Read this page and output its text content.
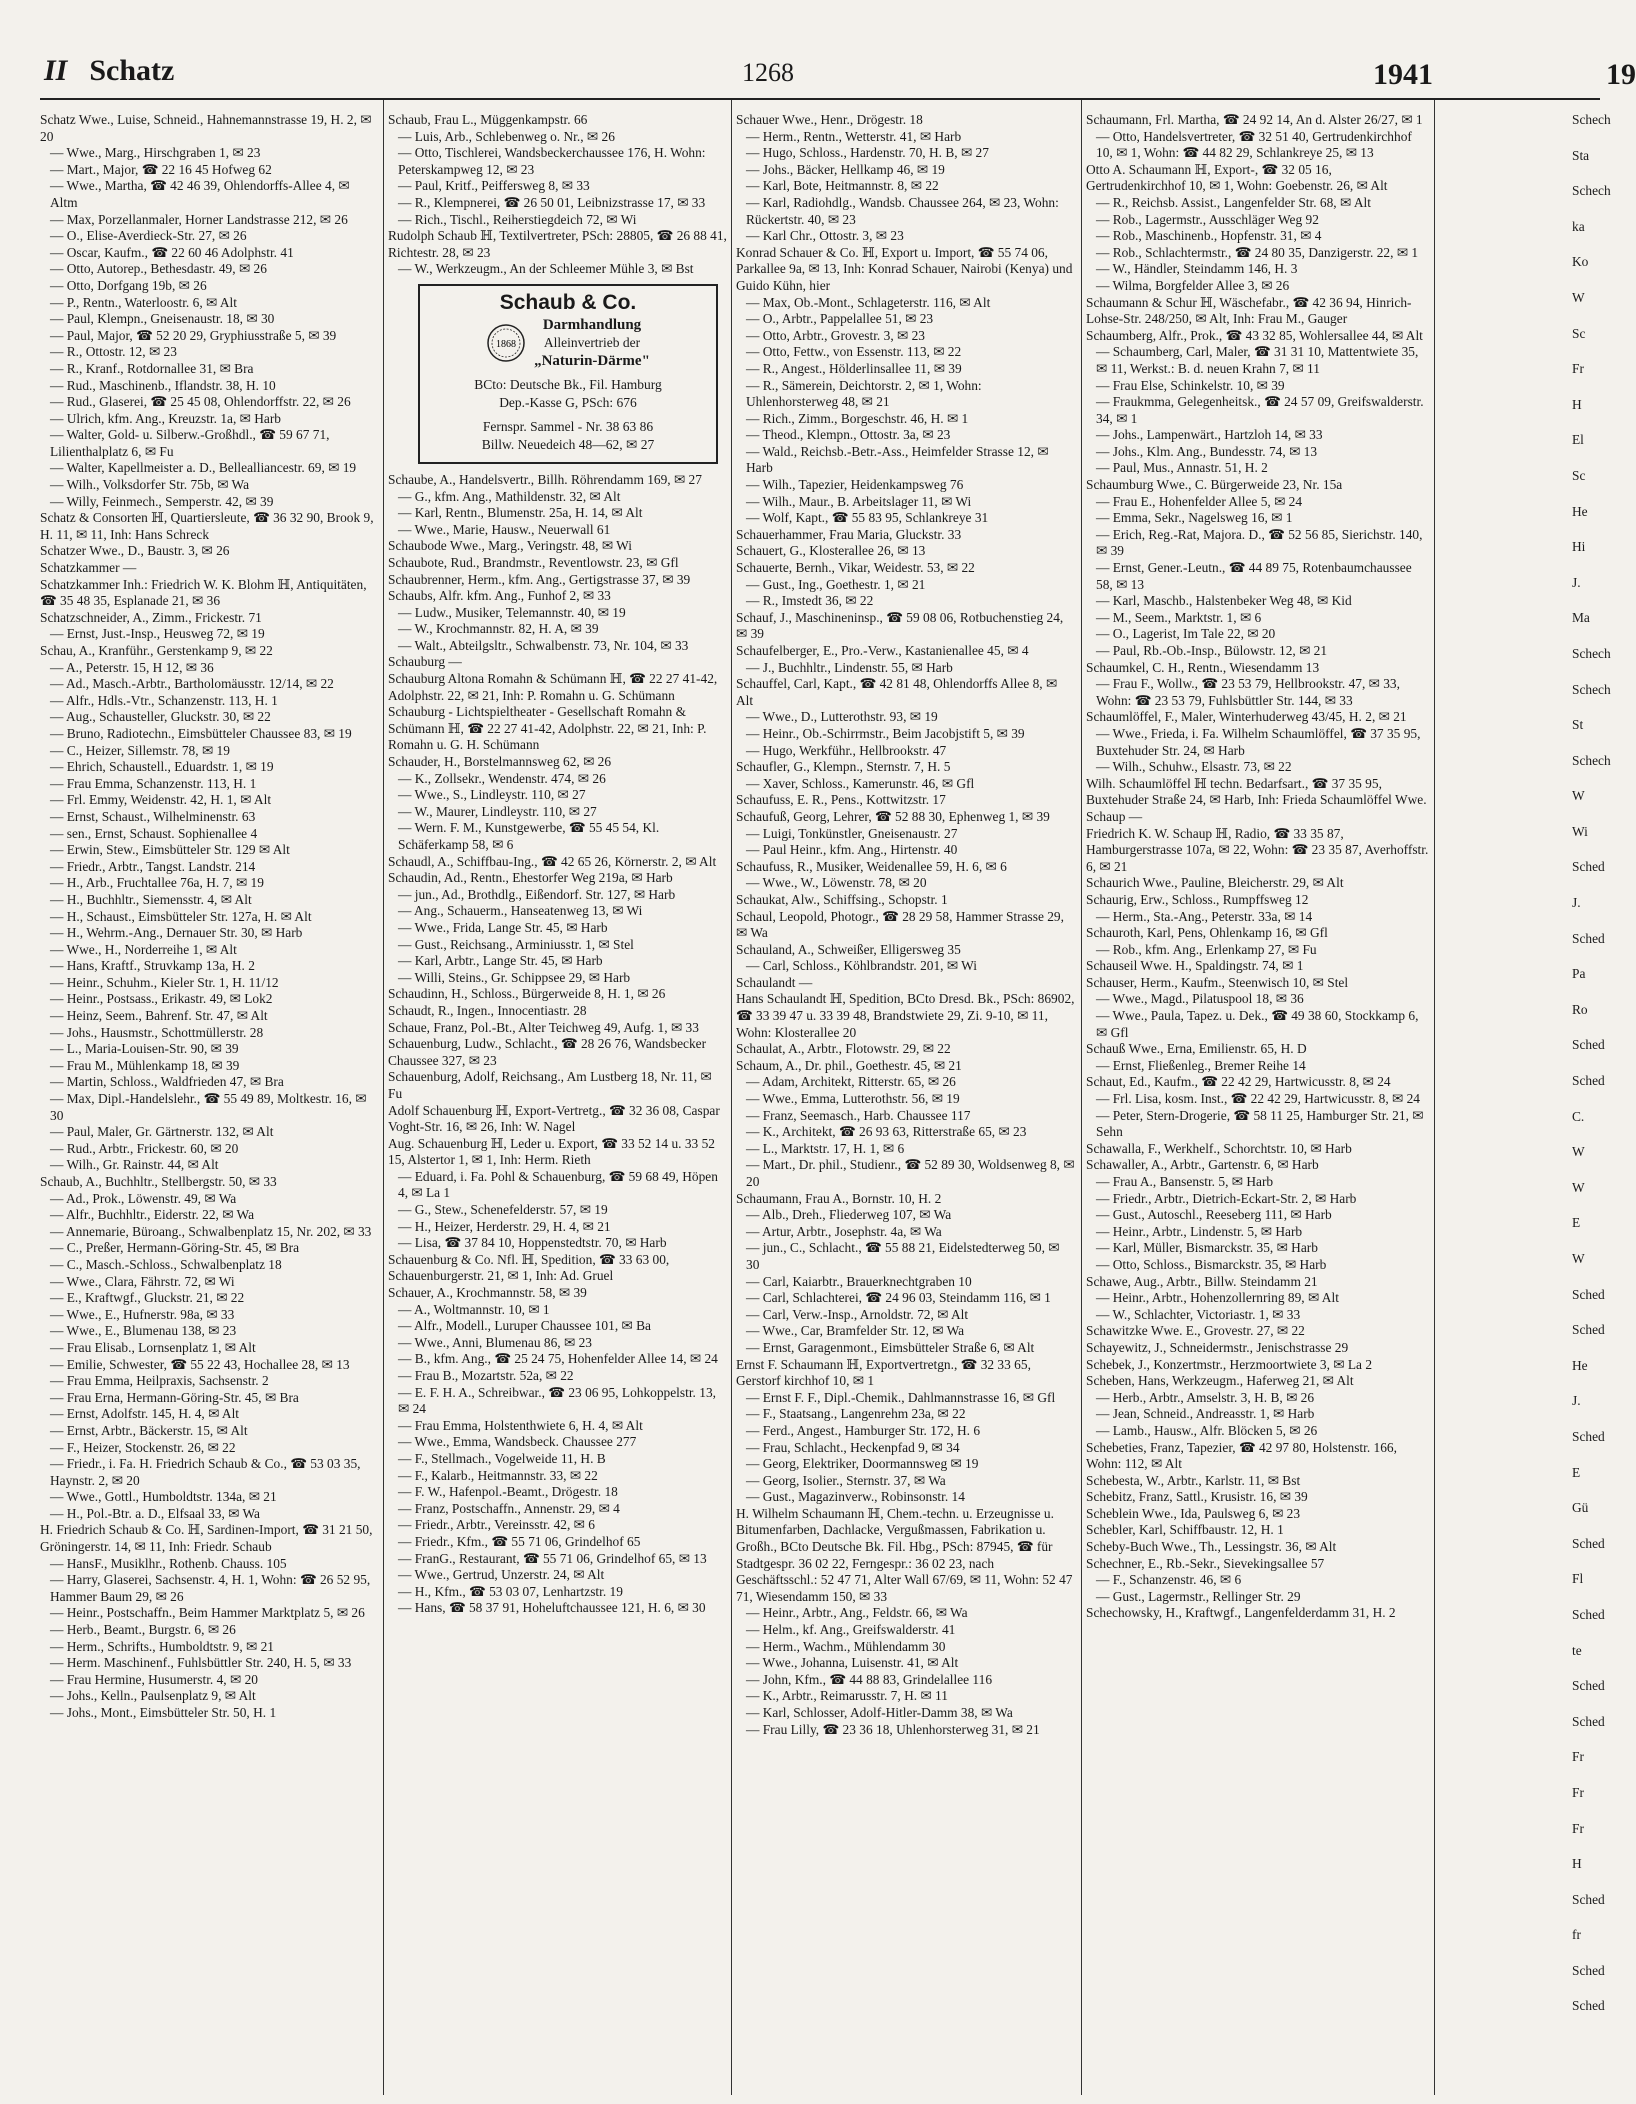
II Schatz	1268	1941	19

Schatz Wwe., Luise, Schneid., Hahnemannstrasse 19, H. 2, ✉ 20

— Wwe., Marg., Hirschgraben 1, ✉ 23

— Mart., Major, ☎ 22 16 45 Hofweg 62

— Wwe., Martha, ☎ 42 46 39, Ohlendorffs-Allee 4, ✉ Altm

— Max, Porzellanmaler, Horner Landstrasse 212, ✉ 26

— O., Elise-Averdieck-Str. 27, ✉ 26

— Oscar, Kaufm., ☎ 22 60 46 Adolphstr. 41

— Otto, Autorep., Bethesdastr. 49, ✉ 26

— Otto, Dorfgang 19b, ✉ 26

— P., Rentn., Waterloostr. 6, ✉ Alt

— Paul, Klempn., Gneisenaustr. 18, ✉ 30

— Paul, Major, ☎ 52 20 29, Gryphiusstraße 5, ✉ 39

— R., Ottostr. 12, ✉ 23

— R., Kranf., Rotdornallee 31, ✉ Bra

— Rud., Maschinenb., Iflandstr. 38, H. 10

— Rud., Glaserei, ☎ 25 45 08, Ohlendorffstr. 22, ✉ 26

— Ulrich, kfm. Ang., Kreuzstr. 1a, ✉ Harb

— Walter, Gold- u. Silberw.-Großhdl., ☎ 59 67 71, Lilienthalplatz 6, ✉ Fu

— Walter, Kapellmeister a. D., Bellealliancestr. 69, ✉ 19

— Wilh., Volksdorfer Str. 75b, ✉ Wa

— Willy, Feinmech., Semperstr. 42, ✉ 39

Schatz & Consorten ℍ, Quartiersleute, ☎ 36 32 90, Brook 9, H. 11, ✉ 11, Inh: Hans Schreck

Schatzer Wwe., D., Baustr. 3, ✉ 26

Schatzkammer —

Schatzkammer Inh.: Friedrich W. K. Blohm ℍ, Antiquitäten, ☎ 35 48 35, Esplanade 21, ✉ 36

Schatzschneider, A., Zimm., Frickestr. 71

— Ernst, Just.-Insp., Heusweg 72, ✉ 19

Schau, A., Kranführ., Gerstenkamp 9, ✉ 22

— A., Peterstr. 15, H 12, ✉ 36

— Ad., Masch.-Arbtr., Bartholomäusstr. 12/14, ✉ 22

— Alfr., Hdls.-Vtr., Schanzenstr. 113, H. 1

— Aug., Schausteller, Gluckstr. 30, ✉ 22

— Bruno, Radiotechn., Eimsbütteler Chaussee 83, ✉ 19

— C., Heizer, Sillemstr. 78, ✉ 19

— Ehrich, Schaustell., Eduardstr. 1, ✉ 19

— Frau Emma, Schanzenstr. 113, H. 1

— Frl. Emmy, Weidenstr. 42, H. 1, ✉ Alt

— Ernst, Schaust., Wilhelminenstr. 63

— sen., Ernst, Schaust. Sophienallee 4

— Erwin, Stew., Eimsbütteler Str. 129 ✉ Alt

— Friedr., Arbtr., Tangst. Landstr. 214

— H., Arb., Fruchtallee 76a, H. 7, ✉ 19

— H., Buchhltr., Siemensstr. 4, ✉ Alt

— H., Schaust., Eimsbütteler Str. 127a, H. ✉ Alt

— H., Wehrm.-Ang., Dernauer Str. 30, ✉ Harb

— Wwe., H., Norderreihe 1, ✉ Alt

— Hans, Kraftf., Struvkamp 13a, H. 2

— Heinr., Schuhm., Kieler Str. 1, H. 11/12

— Heinr., Postsass., Erikastr. 49, ✉ Lok2

— Heinz, Seem., Bahrenf. Str. 47, ✉ Alt

— Johs., Hausmstr., Schottmüllerstr. 28

— L., Maria-Louisen-Str. 90, ✉ 39

— Frau M., Mühlenkamp 18, ✉ 39

— Martin, Schloss., Waldfrieden 47, ✉ Bra

— Max, Dipl.-Handelslehr., ☎ 55 49 89, Moltkestr. 16, ✉ 30

— Paul, Maler, Gr. Gärtnerstr. 132, ✉ Alt

— Rud., Arbtr., Frickestr. 60, ✉ 20

— Wilh., Gr. Rainstr. 44, ✉ Alt

Schaub, A., Buchhltr., Stellbergstr. 50, ✉ 33

— Ad., Prok., Löwenstr. 49, ✉ Wa

— Alfr., Buchhltr., Eiderstr. 22, ✉ Wa

— Annemarie, Büroang., Schwalbenplatz 15, Nr. 202, ✉ 33

— C., Preßer, Hermann-Göring-Str. 45, ✉ Bra

— C., Masch.-Schloss., Schwalbenplatz 18

— Wwe., Clara, Fährstr. 72, ✉ Wi

— E., Kraftwgf., Gluckstr. 21, ✉ 22

— Wwe., E., Hufnerstr. 98a, ✉ 33

— Wwe., E., Blumenau 138, ✉ 23

— Frau Elisab., Lornsenplatz 1, ✉ Alt

— Emilie, Schwester, ☎ 55 22 43, Hochallee 28, ✉ 13

— Frau Emma, Heilpraxis, Sachsenstr. 2

— Frau Erna, Hermann-Göring-Str. 45, ✉ Bra

— Ernst, Adolfstr. 145, H. 4, ✉ Alt

— Ernst, Arbtr., Bäckerstr. 15, ✉ Alt

— F., Heizer, Stockenstr. 26, ✉ 22

— Friedr., i. Fa. H. Friedrich Schaub & Co., ☎ 53 03 35, Haynstr. 2, ✉ 20

— Wwe., Gottl., Humboldtstr. 134a, ✉ 21

— H., Pol.-Btr. a. D., Elfsaal 33, ✉ Wa

H. Friedrich Schaub & Co. ℍ, Sardinen-Import, ☎ 31 21 50, Gröningerstr. 14, ✉ 11, Inh: Friedr. Schaub

— HansF., Musiklhr., Rothenb. Chauss. 105

— Harry, Glaserei, Sachsenstr. 4, H. 1, Wohn: ☎ 26 52 95, Hammer Baum 29, ✉ 26

— Heinr., Postschaffn., Beim Hammer Marktplatz 5, ✉ 26

— Herb., Beamt., Burgstr. 6, ✉ 26

— Herm., Schrifts., Humboldtstr. 9, ✉ 21

— Herm. Maschinenf., Fuhlsbüttler Str. 240, H. 5, ✉ 33

— Frau Hermine, Husumerstr. 4, ✉ 20

— Johs., Kelln., Paulsenplatz 9, ✉ Alt

— Johs., Mont., Eimsbütteler Str. 50, H. 1

Schaub, Frau L., Müggenkampstr. 66

— Luis, Arb., Schlebenweg o. Nr., ✉ 26

— Otto, Tischlerei, Wandsbeckerchaussee 176, H. Wohn: Peterskampweg 12, ✉ 23

— Paul, Kritf., Peiffersweg 8, ✉ 33

— R., Klempnerei, ☎ 26 50 01, Leibnizstrasse 17, ✉ 33

— Rich., Tischl., Reiherstiegdeich 72, ✉ Wi

Rudolph Schaub ℍ, Textilvertreter, PSch: 28805, ☎ 26 88 41, Richtestr. 28, ✉ 23

— W., Werkzeugm., An der Schleemer Mühle 3, ✉ Bst

Schaub & Co.
1868
Darmhandlung
Alleinvertrieb der
„Naturin-Därme"
BCto: Deutsche Bk., Fil. Hamburg
Dep.-Kasse G, PSch: 676
Fernspr. Sammel - Nr. 38 63 86
Billw. Neuedeich 48—62, ✉ 27

Schaube, A., Handelsvertr., Billh. Röhrendamm 169, ✉ 27

— G., kfm. Ang., Mathildenstr. 32, ✉ Alt

— Karl, Rentn., Blumenstr. 25a, H. 14, ✉ Alt

— Wwe., Marie, Hausw., Neuerwall 61

Schaubode Wwe., Marg., Veringstr. 48, ✉ Wi

Schaubote, Rud., Brandmstr., Reventlowstr. 23, ✉ Gfl

Schaubrenner, Herm., kfm. Ang., Gertigstrasse 37, ✉ 39

Schaubs, Alfr. kfm. Ang., Funhof 2, ✉ 33

— Ludw., Musiker, Telemannstr. 40, ✉ 19

— W., Krochmannstr. 82, H. A, ✉ 39

— Walt., Abteilgsltr., Schwalbenstr. 73, Nr. 104, ✉ 33

Schauburg —

Schauburg Altona Romahn & Schümann ℍ, ☎ 22 27 41-42, Adolphstr. 22, ✉ 21, Inh: P. Romahn u. G. Schümann

Schauburg - Lichtspieltheater - Gesellschaft Romahn & Schümann ℍ, ☎ 22 27 41-42, Adolphstr. 22, ✉ 21, Inh: P. Romahn u. G. H. Schümann

Schauder, H., Borstelmannsweg 62, ✉ 26

— K., Zollsekr., Wendenstr. 474, ✉ 26

— Wwe., S., Lindleystr. 110, ✉ 27

— W., Maurer, Lindleystr. 110, ✉ 27

— Wern. F. M., Kunstgewerbe, ☎ 55 45 54, Kl. Schäferkamp 58, ✉ 6

Schaudl, A., Schiffbau-Ing., ☎ 42 65 26, Körnerstr. 2, ✉ Alt

Schaudin, Ad., Rentn., Ehestorfer Weg 219a, ✉ Harb

— jun., Ad., Brothdlg., Eißendorf. Str. 127, ✉ Harb

— Ang., Schauerm., Hanseatenweg 13, ✉ Wi

— Wwe., Frida, Lange Str. 45, ✉ Harb

— Gust., Reichsang., Arminiusstr. 1, ✉ Stel

— Karl, Arbtr., Lange Str. 45, ✉ Harb

— Willi, Steins., Gr. Schippsee 29, ✉ Harb

Schaudinn, H., Schloss., Bürgerweide 8, H. 1, ✉ 26

Schaudt, R., Ingen., Innocentiastr. 28

Schaue, Franz, Pol.-Bt., Alter Teichweg 49, Aufg. 1, ✉ 33

Schauenburg, Ludw., Schlacht., ☎ 28 26 76, Wandsbecker Chaussee 327, ✉ 23

Schauenburg, Adolf, Reichsang., Am Lustberg 18, Nr. 11, ✉ Fu

Adolf Schauenburg ℍ, Export-Vertretg., ☎ 32 36 08, Caspar Voght-Str. 16, ✉ 26, Inh: W. Nagel

Aug. Schauenburg ℍ, Leder u. Export, ☎ 33 52 14 u. 33 52 15, Alstertor 1, ✉ 1, Inh: Herm. Rieth

— Eduard, i. Fa. Pohl & Schauenburg, ☎ 59 68 49, Höpen 4, ✉ La 1

— G., Stew., Schenefelderstr. 57, ✉ 19

— H., Heizer, Herderstr. 29, H. 4, ✉ 21

— Lisa, ☎ 37 84 10, Hoppenstedtstr. 70, ✉ Harb

Schauenburg & Co. Nfl. ℍ, Spedition, ☎ 33 63 00, Schauenburgerstr. 21, ✉ 1, Inh: Ad. Gruel

Schauer, A., Krochmannstr. 58, ✉ 39

— A., Woltmannstr. 10, ✉ 1

— Alfr., Modell., Luruper Chaussee 101, ✉ Ba

— Wwe., Anni, Blumenau 86, ✉ 23

— B., kfm. Ang., ☎ 25 24 75, Hohenfelder Allee 14, ✉ 24

— Frau B., Mozartstr. 52a, ✉ 22

— E. F. H. A., Schreibwar., ☎ 23 06 95, Lohkoppelstr. 13, ✉ 24

— Frau Emma, Holstenthwiete 6, H. 4, ✉ Alt

— Wwe., Emma, Wandsbeck. Chaussee 277

— F., Stellmach., Vogelweide 11, H. B

— F., Kalarb., Heitmannstr. 33, ✉ 22

— F. W., Hafenpol.-Beamt., Drögestr. 18

— Franz, Postschaffn., Annenstr. 29, ✉ 4

— Friedr., Arbtr., Vereinsstr. 42, ✉ 6

— Friedr., Kfm., ☎ 55 71 06, Grindelhof 65

— FranG., Restaurant, ☎ 55 71 06, Grindelhof 65, ✉ 13

— Wwe., Gertrud, Unzerstr. 24, ✉ Alt

— H., Kfm., ☎ 53 03 07, Lenhartzstr. 19

— Hans, ☎ 58 37 91, Hoheluftchaussee 121, H. 6, ✉ 30

Schauer Wwe., Henr., Drögestr. 18

— Herm., Rentn., Wetterstr. 41, ✉ Harb

— Hugo, Schloss., Hardenstr. 70, H. B, ✉ 27

— Johs., Bäcker, Hellkamp 46, ✉ 19

— Karl, Bote, Heitmannstr. 8, ✉ 22

— Karl, Radiohdlg., Wandsb. Chaussee 264, ✉ 23, Wohn: Rückertstr. 40, ✉ 23

— Karl Chr., Ottostr. 3, ✉ 23

Konrad Schauer & Co. ℍ, Export u. Import, ☎ 55 74 06, Parkallee 9a, ✉ 13, Inh: Konrad Schauer, Nairobi (Kenya) und Guido Kühn, hier

— Max, Ob.-Mont., Schlageterstr. 116, ✉ Alt

— O., Arbtr., Pappelallee 51, ✉ 23

— Otto, Arbtr., Grovestr. 3, ✉ 23

— Otto, Fettw., von Essenstr. 113, ✉ 22

— R., Angest., Hölderlinsallee 11, ✉ 39

— R., Sämerein, Deichtorstr. 2, ✉ 1, Wohn: Uhlenhorsterweg 48, ✉ 21

— Rich., Zimm., Borgeschstr. 46, H. ✉ 1

— Theod., Klempn., Ottostr. 3a, ✉ 23

— Wald., Reichsb.-Betr.-Ass., Heimfelder Strasse 12, ✉ Harb

— Wilh., Tapezier, Heidenkampsweg 76

— Wilh., Maur., B. Arbeitslager 11, ✉ Wi

— Wolf, Kapt., ☎ 55 83 95, Schlankreye 31

Schauerhammer, Frau Maria, Gluckstr. 33

Schauert, G., Klosterallee 26, ✉ 13

Schauerte, Bernh., Vikar, Weidestr. 53, ✉ 22

— Gust., Ing., Goethestr. 1, ✉ 21

— R., Imstedt 36, ✉ 22

Schauf, J., Maschineninsp., ☎ 59 08 06, Rotbuchenstieg 24, ✉ 39

Schaufelberger, E., Pro.-Verw., Kastanienallee 45, ✉ 4

— J., Buchhltr., Lindenstr. 55, ✉ Harb

Schauffel, Carl, Kapt., ☎ 42 81 48, Ohlendorffs Allee 8, ✉ Alt

— Wwe., D., Lutterothstr. 93, ✉ 19

— Heinr., Ob.-Schirrmstr., Beim Jacobjstift 5, ✉ 39

— Hugo, Werkführ., Hellbrookstr. 47

Schaufler, G., Klempn., Sternstr. 7, H. 5

— Xaver, Schloss., Kamerunstr. 46, ✉ Gfl

Schaufuss, E. R., Pens., Kottwitzstr. 17

Schaufuß, Georg, Lehrer, ☎ 52 88 30, Ephenweg 1, ✉ 39

— Luigi, Tonkünstler, Gneisenaustr. 27

— Paul Heinr., kfm. Ang., Hirtenstr. 40

Schaufuss, R., Musiker, Weidenallee 59, H. 6, ✉ 6

— Wwe., W., Löwenstr. 78, ✉ 20

Schaukat, Alw., Schiffsing., Schopstr. 1

Schaul, Leopold, Photogr., ☎ 28 29 58, Hammer Strasse 29, ✉ Wa

Schauland, A., Schweißer, Elligersweg 35

— Carl, Schloss., Köhlbrandstr. 201, ✉ Wi

Schaulandt —

Hans Schaulandt ℍ, Spedition, BCto Dresd. Bk., PSch: 86902, ☎ 33 39 47 u. 33 39 48, Brandstwiete 29, Zi. 9-10, ✉ 11, Wohn: Klosterallee 20

Schaulat, A., Arbtr., Flotowstr. 29, ✉ 22

Schaum, A., Dr. phil., Goethestr. 45, ✉ 21

— Adam, Architekt, Ritterstr. 65, ✉ 26

— Wwe., Emma, Lutterothstr. 56, ✉ 19

— Franz, Seemasch., Harb. Chaussee 117

— K., Architekt, ☎ 26 93 63, Ritterstraße 65, ✉ 23

— L., Marktstr. 17, H. 1, ✉ 6

— Mart., Dr. phil., Studienr., ☎ 52 89 30, Woldsenweg 8, ✉ 20

Schaumann, Frau A., Bornstr. 10, H. 2

— Alb., Dreh., Fliederweg 107, ✉ Wa

— Artur, Arbtr., Josephstr. 4a, ✉ Wa

— jun., C., Schlacht., ☎ 55 88 21, Eidelstedterweg 50, ✉ 30

— Carl, Kaiarbtr., Brauerknechtgraben 10

— Carl, Schlachterei, ☎ 24 96 03, Steindamm 116, ✉ 1

— Carl, Verw.-Insp., Arnoldstr. 72, ✉ Alt

— Wwe., Car, Bramfelder Str. 12, ✉ Wa

— Ernst, Garagenmont., Eimsbütteler Straße 6, ✉ Alt

Ernst F. Schaumann ℍ, Exportvertretgn., ☎ 32 33 65, Gerstorf kirchhof 10, ✉ 1

— Ernst F. F., Dipl.-Chemik., Dahlmannstrasse 16, ✉ Gfl

— F., Staatsang., Langenrehm 23a, ✉ 22

— Ferd., Angest., Hamburger Str. 172, H. 6

— Frau, Schlacht., Heckenpfad 9, ✉ 34

— Georg, Elektriker, Doormannsweg ✉ 19

— Georg, Isolier., Sternstr. 37, ✉ Wa

— Gust., Magazinverw., Robinsonstr. 14

H. Wilhelm Schaumann ℍ, Chem.-techn. u. Erzeugnisse u. Bitumenfarben, Dachlacke, Vergußmassen, Fabrikation u. Großh., BCto Deutsche Bk. Fil. Hbg., PSch: 87945, ☎ für Stadtgespr. 36 02 22, Ferngespr.: 36 02 23, nach Geschäftsschl.: 52 47 71, Alter Wall 67/69, ✉ 11, Wohn: 52 47 71, Wiesendamm 150, ✉ 33

— Heinr., Arbtr., Ang., Feldstr. 66, ✉ Wa

— Helm., kf. Ang., Greifswalderstr. 41

— Herm., Wachm., Mühlendamm 30

— Wwe., Johanna, Luisenstr. 41, ✉ Alt

— John, Kfm., ☎ 44 88 83, Grindelallee 116

— K., Arbtr., Reimarusstr. 7, H. ✉ 11

— Karl, Schlosser, Adolf-Hitler-Damm 38, ✉ Wa

— Frau Lilly, ☎ 23 36 18, Uhlenhorsterweg 31, ✉ 21

Schaumann, Frl. Martha, ☎ 24 92 14, An d. Alster 26/27, ✉ 1

— Otto, Handelsvertreter, ☎ 32 51 40, Gertrudenkirchhof 10, ✉ 1, Wohn: ☎ 44 82 29, Schlankreye 25, ✉ 13

Otto A. Schaumann ℍ, Export-, ☎ 32 05 16, Gertrudenkirchhof 10, ✉ 1, Wohn: Goebenstr. 26, ✉ Alt

— R., Reichsb. Assist., Langenfelder Str. 68, ✉ Alt

— Rob., Lagermstr., Ausschläger Weg 92

— Rob., Maschinenb., Hopfenstr. 31, ✉ 4

— Rob., Schlachtermstr., ☎ 24 80 35, Danzigerstr. 22, ✉ 1

— W., Händler, Steindamm 146, H. 3

— Wilma, Borgfelder Allee 3, ✉ 26

Schaumann & Schur ℍ, Wäschefabr., ☎ 42 36 94, Hinrich-Lohse-Str. 248/250, ✉ Alt, Inh: Frau M., Gauger

Schaumberg, Alfr., Prok., ☎ 43 32 85, Wohlersallee 44, ✉ Alt

— Schaumberg, Carl, Maler, ☎ 31 31 10, Mattentwiete 35, ✉ 11, Werkst.: B. d. neuen Krahn 7, ✉ 11

— Frau Else, Schinkelstr. 10, ✉ 39

— Fraukmma, Gelegenheitsk., ☎ 24 57 09, Greifswalderstr. 34, ✉ 1

— Johs., Lampenwärt., Hartzloh 14, ✉ 33

— Johs., Klm. Ang., Bundesstr. 74, ✉ 13

— Paul, Mus., Annastr. 51, H. 2

Schaumburg Wwe., C. Bürgerweide 23, Nr. 15a

— Frau E., Hohenfelder Allee 5, ✉ 24

— Emma, Sekr., Nagelsweg 16, ✉ 1

— Erich, Reg.-Rat, Majora. D., ☎ 52 56 85, Sierichstr. 140, ✉ 39

— Ernst, Gener.-Leutn., ☎ 44 89 75, Rotenbaumchaussee 58, ✉ 13

— Karl, Maschb., Halstenbeker Weg 48, ✉ Kid

— M., Seem., Marktstr. 1, ✉ 6

— O., Lagerist, Im Tale 22, ✉ 20

— Paul, Rb.-Ob.-Insp., Bülowstr. 12, ✉ 21

Schaumkel, C. H., Rentn., Wiesendamm 13

— Frau F., Wollw., ☎ 23 53 79, Hellbrookstr. 47, ✉ 33, Wohn: ☎ 23 53 79, Fuhlsbüttler Str. 144, ✉ 33

Schaumlöffel, F., Maler, Winterhuderweg 43/45, H. 2, ✉ 21

— Wwe., Frieda, i. Fa. Wilhelm Schaumlöffel, ☎ 37 35 95, Buxtehuder Str. 24, ✉ Harb

— Wilh., Schuhw., Elsastr. 73, ✉ 22

Wilh. Schaumlöffel ℍ techn. Bedarfsart., ☎ 37 35 95, Buxtehuder Straße 24, ✉ Harb, Inh: Frieda Schaumlöffel Wwe.

Schaup —

Friedrich K. W. Schaup ℍ, Radio, ☎ 33 35 87, Hamburgerstrasse 107a, ✉ 22, Wohn: ☎ 23 35 87, Averhoffstr. 6, ✉ 21

Schaurich Wwe., Pauline, Bleicherstr. 29, ✉ Alt

Schaurig, Erw., Schloss., Rumpffsweg 12

— Herm., Sta.-Ang., Peterstr. 33a, ✉ 14

Schauroth, Karl, Pens, Ohlenkamp 16, ✉ Gfl

— Rob., kfm. Ang., Erlenkamp 27, ✉ Fu

Schauseil Wwe. H., Spaldingstr. 74, ✉ 1

Schauser, Herm., Kaufm., Steenwisch 10, ✉ Stel

— Wwe., Magd., Pilatuspool 18, ✉ 36

— Wwe., Paula, Tapez. u. Dek., ☎ 49 38 60, Stockkamp 6, ✉ Gfl

Schauß Wwe., Erna, Emilienstr. 65, H. D

— Ernst, Fließenleg., Bremer Reihe 14

Schaut, Ed., Kaufm., ☎ 22 42 29, Hartwicusstr. 8, ✉ 24

— Frl. Lisa, kosm. Inst., ☎ 22 42 29, Hartwicusstr. 8, ✉ 24

— Peter, Stern-Drogerie, ☎ 58 11 25, Hamburger Str. 21, ✉ Sehn

Schawalla, F., Werkhelf., Schorchtstr. 10, ✉ Harb

Schawaller, A., Arbtr., Gartenstr. 6, ✉ Harb

— Frau A., Bansenstr. 5, ✉ Harb

— Friedr., Arbtr., Dietrich-Eckart-Str. 2, ✉ Harb

— Gust., Autoschl., Reeseberg 111, ✉ Harb

— Heinr., Arbtr., Lindenstr. 5, ✉ Harb

— Karl, Müller, Bismarckstr. 35, ✉ Harb

— Otto, Schloss., Bismarckstr. 35, ✉ Harb

Schawe, Aug., Arbtr., Billw. Steindamm 21

— Heinr., Arbtr., Hohenzollernring 89, ✉ Alt

— W., Schlachter, Victoriastr. 1, ✉ 33

Schawitzke Wwe. E., Grovestr. 27, ✉ 22

Schayewitz, J., Schneidermstr., Jenischstrasse 29

Schebek, J., Konzertmstr., Herzmoortwiete 3, ✉ La 2

Scheben, Hans, Werkzeugm., Haferweg 21, ✉ Alt

— Herb., Arbtr., Amselstr. 3, H. B, ✉ 26

— Jean, Schneid., Andreasstr. 1, ✉ Harb

— Lamb., Hausw., Alfr. Blöcken 5, ✉ 26

Schebeties, Franz, Tapezier, ☎ 42 97 80, Holstenstr. 166, Wohn: 112, ✉ Alt

Schebesta, W., Arbtr., Karlstr. 11, ✉ Bst

Schebitz, Franz, Sattl., Krusistr. 16, ✉ 39

Scheblein Wwe., Ida, Paulsweg 6, ✉ 23

Schebler, Karl, Schiffbaustr. 12, H. 1

Scheby-Buch Wwe., Th., Lessingstr. 36, ✉ Alt

Schechner, E., Rb.-Sekr., Sievekingsallee 57

— F., Schanzenstr. 46, ✉ 6

— Gust., Lagermstr., Rellinger Str. 29

Schechowsky, H., Kraftwgf., Langenfelderdamm 31, H. 2

Schech
Sta
Schech
ka
Ko
W
Sc
Fr
H
El
Sc
He
Hi
J.
Ma
Schech
Schech
St
Schech
W
Wi
Sched
J.
Sched
Pa
Ro
Sched
Sched
C.
W
W
E
W
Sched
Sched
He
J.
Sched
E
Gü
Sched
Fl
Sched
te
Sched
Sched
Fr
Fr
Fr
H
Sched
fr
Sched
Sched
